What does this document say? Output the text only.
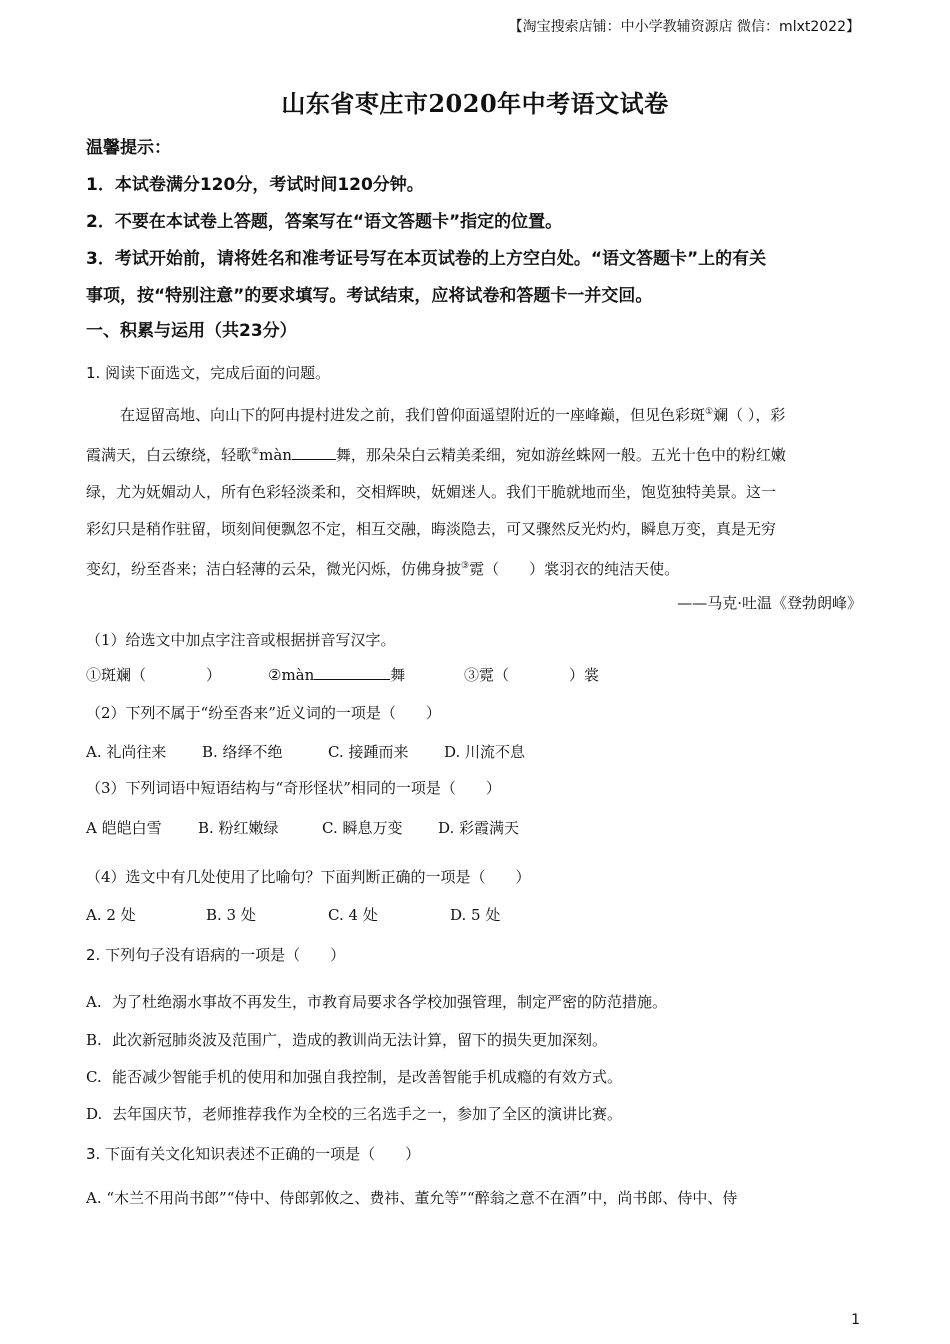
【淘宝搜索店铺：中小学教辅资源店 微信：mlxt2022】
山东省枣庄市2020年中考语文试卷
温馨提示：
1．本试卷满分120分，考试时间120分钟。
2．不要在本试卷上答题，答案写在“语文答题卡”指定的位置。
3．考试开始前，请将姓名和准考证号写在本页试卷的上方空白处。“语文答题卡”上的有关
事项，按“特别注意”的要求填写。考试结束，应将试卷和答题卡一并交回。
一、积累与运用（共23分）
1. 阅读下面选文，完成后面的问题。

在逗留高地、向山下的阿冉提村进发之前，我们曾仰面遥望附近的一座峰巅，但见色彩斑①斓（ ），彩

霞满天，白云缭绕，轻歌②màn	舞，那朵朵白云精美柔细，宛如游丝蛛网一般。五光十色中的粉红嫩
绿，尤为妩媚动人，所有色彩轻淡柔和，交相辉映，妩媚迷人。我们干脆就地而坐，饱览独特美景。这一
彩幻只是稍作驻留，顷刻间便飘忽不定，相互交融，晦淡隐去，可又骤然反光灼灼，瞬息万变，真是无穷
变幻，纷至沓来；洁白轻薄的云朵，微光闪烁，仿佛身披③霓（　　）裳羽衣的纯洁天使。
——马克·吐温《登勃朗峰》
（1）给选文中加点字注音或根据拼音写汉字。
①斑斓（　　　　）	②màn	舞	③霓（　　　　）裳
（2）下列不属于“纷至沓来”近义词的一项是（　　）
A. 礼尚往来 B. 络绎不绝	C. 接踵而来 D. 川流不息
（3）下列词语中短语结构与“奇形怪状”相同的一项是（　　）
A 皑皑白雪 B. 粉红嫩绿	C. 瞬息万变 D. 彩霞满天
（4）选文中有几处使用了比喻句？下面判断正确的一项是（　　）
A. 2 处	B. 3 处	C. 4 处	D. 5 处
2. 下列句子没有语病的一项是（　　）
A. 为了杜绝溺水事故不再发生，市教育局要求各学校加强管理，制定严密的防范措施。
B. 此次新冠肺炎波及范围广，造成的教训尚无法计算，留下的损失更加深刻。
C. 能否减少智能手机的使用和加强自我控制，是改善智能手机成瘾的有效方式。
D. 去年国庆节，老师推荐我作为全校的三名选手之一，参加了全区的演讲比赛。
3. 下面有关文化知识表述不正确的一项是（　　）
A. “木兰不用尚书郎”“侍中、侍郎郭攸之、费祎、董允等”“醉翁之意不在酒”中，尚书郎、侍中、侍
1
